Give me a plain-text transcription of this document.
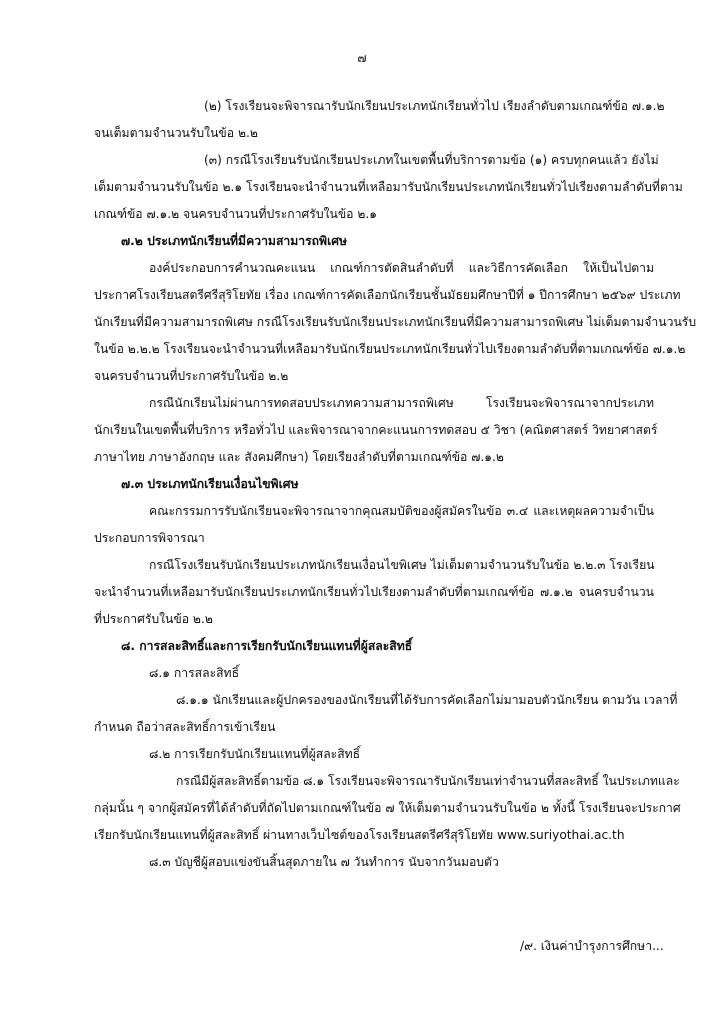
๗
(๒) โรงเรียนจะพิจารณารับนักเรียนประเภทนักเรียนทั่วไป เรียงลำดับตามเกณฑ์ข้อ ๗.๑.๒
จนเต็มตามจำนวนรับในข้อ ๒.๒
(๓) กรณีโรงเรียนรับนักเรียนประเภทในเขตพื้นที่บริการตามข้อ (๑) ครบทุกคนแล้ว ยังไม่
เต็มตามจำนวนรับในข้อ ๒.๑ โรงเรียนจะนำจำนวนที่เหลือมารับนักเรียนประเภทนักเรียนทั่วไปเรียงตามลำดับที่ตาม
เกณฑ์ข้อ ๗.๑.๒ จนครบจำนวนที่ประกาศรับในข้อ ๒.๑
๗.๒ ประเภทนักเรียนที่มีความสามารถพิเศษ
องค์ประกอบการคำนวณคะแนน เกณฑ์การตัดสินลำดับที่ และวิธีการคัดเลือก ให้เป็นไปตาม
ประกาศโรงเรียนสตรีศรีสุริโยทัย เรื่อง เกณฑ์การคัดเลือกนักเรียนชั้นมัธยมศึกษาปีที่ ๑ ปีการศึกษา ๒๕๖๙ ประเภท
นักเรียนที่มีความสามารถพิเศษ กรณีโรงเรียนรับนักเรียนประเภทนักเรียนที่มีความสามารถพิเศษ ไม่เต็มตามจำนวนรับ
ในข้อ ๒.๒.๒ โรงเรียนจะนำจำนวนที่เหลือมารับนักเรียนประเภทนักเรียนทั่วไปเรียงตามลำดับที่ตามเกณฑ์ข้อ ๗.๑.๒
จนครบจำนวนที่ประกาศรับในข้อ ๒.๒
กรณีนักเรียนไม่ผ่านการทดสอบประเภทความสามารถพิเศษ โรงเรียนจะพิจารณาจากประเภท
นักเรียนในเขตพื้นที่บริการ หรือทั่วไป และพิจารณาจากคะแนนการทดสอบ ๕ วิชา (คณิตศาสตร์ วิทยาศาสตร์
ภาษาไทย ภาษาอังกฤษ และ สังคมศึกษา) โดยเรียงลำดับที่ตามเกณฑ์ข้อ ๗.๑.๒
๗.๓ ประเภทนักเรียนเงื่อนไขพิเศษ
คณะกรรมการรับนักเรียนจะพิจารณาจากคุณสมบัติของผู้สมัครในข้อ ๓.๔ และเหตุผลความจำเป็น
ประกอบการพิจารณา
กรณีโรงเรียนรับนักเรียนประเภทนักเรียนเงื่อนไขพิเศษ ไม่เต็มตามจำนวนรับในข้อ ๒.๒.๓ โรงเรียน
จะนำจำนวนที่เหลือมารับนักเรียนประเภทนักเรียนทั่วไปเรียงตามลำดับที่ตามเกณฑ์ข้อ ๗.๑.๒ จนครบจำนวน
ที่ประกาศรับในข้อ ๒.๒
๘. การสละสิทธิ์และการเรียกรับนักเรียนแทนที่ผู้สละสิทธิ์
๘.๑ การสละสิทธิ์
๘.๑.๑ นักเรียนและผู้ปกครองของนักเรียนที่ได้รับการคัดเลือกไม่มามอบตัวนักเรียน ตามวัน เวลาที่
กำหนด ถือว่าสละสิทธิ์การเข้าเรียน
๘.๒ การเรียกรับนักเรียนแทนที่ผู้สละสิทธิ์
กรณีมีผู้สละสิทธิ์ตามข้อ ๘.๑ โรงเรียนจะพิจารณารับนักเรียนเท่าจำนวนที่สละสิทธิ์ ในประเภทและ
กลุ่มนั้น ๆ จากผู้สมัครที่ได้ลำดับที่ถัดไปตามเกณฑ์ในข้อ ๗ ให้เต็มตามจำนวนรับในข้อ ๒ ทั้งนี้ โรงเรียนจะประกาศ
เรียกรับนักเรียนแทนที่ผู้สละสิทธิ์ ผ่านทางเว็บไซต์ของโรงเรียนสตรีศรีสุริโยทัย www.suriyothai.ac.th
๘.๓ บัญชีผู้สอบแข่งขันสิ้นสุดภายใน ๗ วันทำการ นับจากวันมอบตัว
/๙. เงินค่าบำรุงการศึกษา...
